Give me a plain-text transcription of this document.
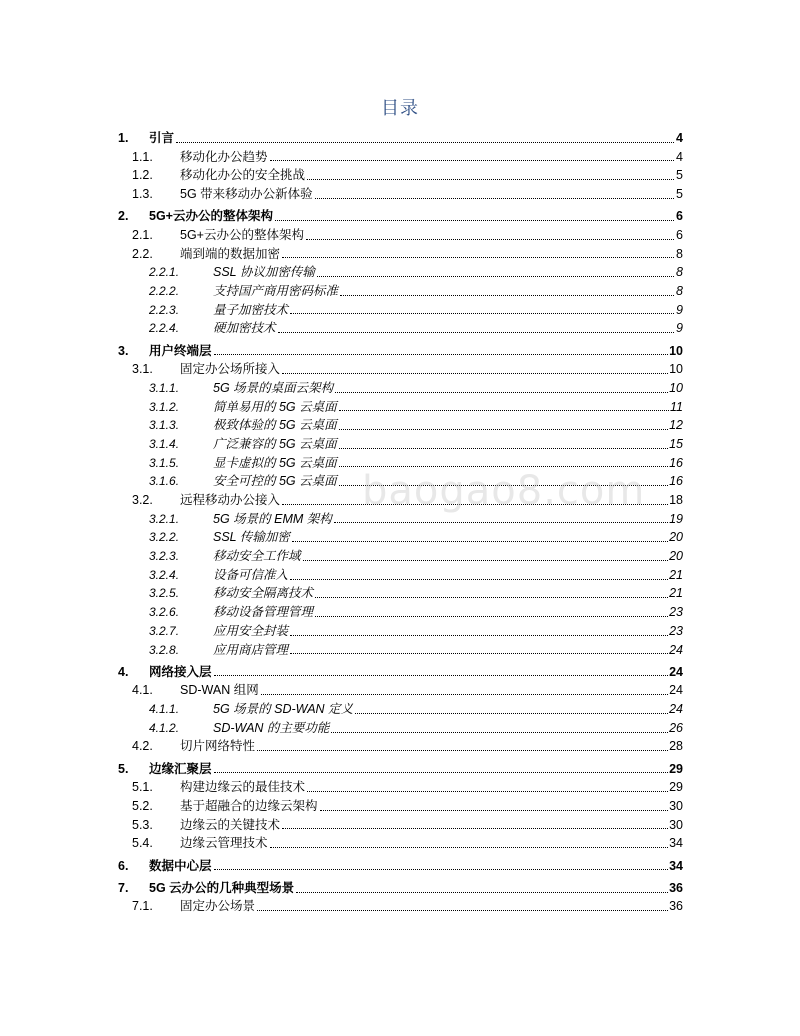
目录
1.	引言	4
1.1.	移动化办公趋势	4
1.2.	移动化办公的安全挑战	5
1.3.	5G 带来移动办公新体验	5
2.	5G+云办公的整体架构	6
2.1.	5G+云办公的整体架构	6
2.2.	端到端的数据加密	8
2.2.1.	SSL 协议加密传输	8
2.2.2.	支持国产商用密码标准	8
2.2.3.	量子加密技术	9
2.2.4.	硬加密技术	9
3.	用户终端层	10
3.1.	固定办公场所接入	10
3.1.1.	5G 场景的桌面云架构	10
3.1.2.	简单易用的 5G 云桌面	11
3.1.3.	极致体验的 5G 云桌面	12
3.1.4.	广泛兼容的 5G 云桌面	15
3.1.5.	显卡虚拟的 5G 云桌面	16
3.1.6.	安全可控的 5G 云桌面	16
3.2.	远程移动办公接入	18
3.2.1.	5G 场景的 EMM 架构	19
3.2.2.	SSL 传输加密	20
3.2.3.	移动安全工作域	20
3.2.4.	设备可信准入	21
3.2.5.	移动安全隔离技术	21
3.2.6.	移动设备管理管理	23
3.2.7.	应用安全封装	23
3.2.8.	应用商店管理	24
4.	网络接入层	24
4.1.	SD-WAN 组网	24
4.1.1.	5G 场景的 SD-WAN 定义	24
4.1.2.	SD-WAN 的主要功能	26
4.2.	切片网络特性	28
5.	边缘汇聚层	29
5.1.	构建边缘云的最佳技术	29
5.2.	基于超融合的边缘云架构	30
5.3.	边缘云的关键技术	30
5.4.	边缘云管理技术	34
6.	数据中心层	34
7.	5G 云办公的几种典型场景	36
7.1.	固定办公场景	36
baogao8.com
